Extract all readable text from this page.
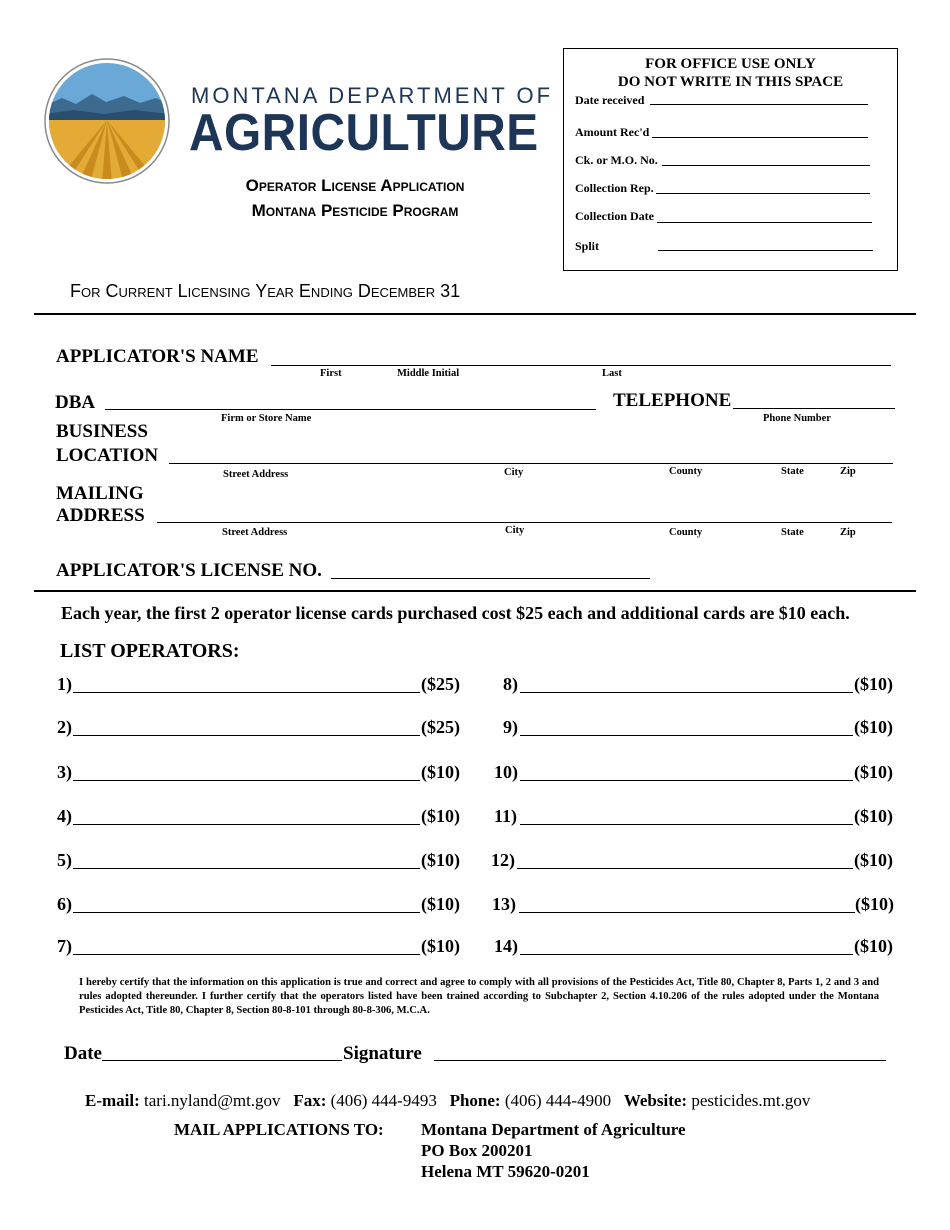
MONTANA DEPARTMENT OF
AGRICULTURE
Operator License Application
Montana Pesticide Program
For Current Licensing Year Ending December 31
FOR OFFICE USE ONLY
DO NOT WRITE IN THIS SPACE
Date received
Amount Rec'd
Ck. or M.O. No.
Collection Rep.
Collection Date
Split
APPLICATOR'S NAME
First	Middle Initial	Last
DBA
Firm or Store Name
TELEPHONE
Phone Number
BUSINESS
LOCATION
Street Address	City	County	State	Zip
MAILING
ADDRESS
Street Address	City	County	State	Zip
APPLICATOR'S LICENSE NO.
Each year, the first 2 operator license cards purchased cost $25 each and additional cards are $10 each.
LIST OPERATORS:
1)	($25)
2)	($25)
3)	($10)
4)	($10)
5)	($10)
6)	($10)
7)	($10)
8)	($10)
9)	($10)
10)	($10)
11)	($10)
12)	($10)
13)	($10)
14)	($10)
I hereby certify that the information on this application is true and correct and agree to comply with all provisions of the Pesticides Act, Title 80, Chapter 8, Parts 1, 2 and 3 and rules adopted thereunder. I further certify that the operators listed have been trained according to Subchapter 2, Section 4.10.206 of the rules adopted under the Montana Pesticides Act, Title 80, Chapter 8, Section 80-8-101 through 80-8-306, M.C.A.
Date	Signature
E-mail: tari.nyland@mt.gov Fax: (406) 444-9493 Phone: (406) 444-4900 Website: pesticides.mt.gov
MAIL APPLICATIONS TO: Montana Department of Agriculture
PO Box 200201
Helena MT 59620-0201
